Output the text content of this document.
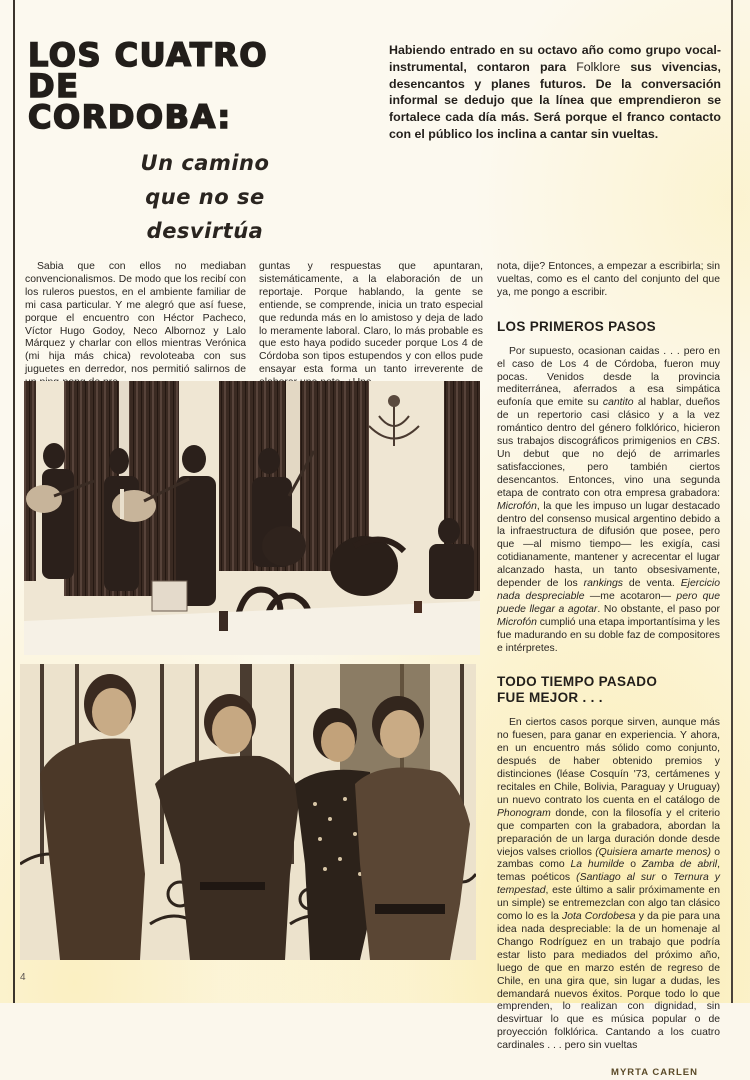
LOS CUATRO
DE
CORDOBA:
Un camino
que no se
desvirtúa

Habiendo entrado en su octavo año como grupo vocal-instrumental, contaron para Folklore sus vivencias, desencantos y planes futuros. De la conversación informal se dedujo que la línea que emprendieron se fortalece cada día más. Será porque el franco contacto con el público los inclina a cantar sin vueltas.

Sabia que con ellos no mediaban convencionalismos. De modo que los recibí con los ruleros puestos, en el ambiente familiar de mi casa particular. Y me alegró que así fuese, porque el encuentro con Héctor Pacheco, Víctor Hugo Godoy, Neco Albornoz y Lalo Márquez y charlar con ellos mientras Verónica (mi hija más chica) revoloteaba con sus juguetes en derredor, nos permitió salirnos de

guntas y respuestas que apuntaran, sistemáticamente, a la elaboración de un reportaje. Porque hablando, la gente se entiende, se comprende, inicia un trato especial que redunda más en lo amistoso y deja de lado lo meramente laboral. Claro, lo más probable es que esto haya podido suceder porque Los 4 de Córdoba son tipos estupendos y con ellos pude ensayar esta forma un tanto irreverente de

nota, dije? Entonces, a empezar a escribirla; sin vueltas, como es el canto del conjunto del que ya, me pongo a escribir.

LOS PRIMEROS PASOS

Por supuesto, ocasionan caidas . . . pero en el caso de Los 4 de Córdoba, fueron muy pocas. Venidos desde la provincia mediterránea, aferrados a esa simpática eufonía que emite su cantito al hablar, dueños de un repertorio casi clásico y a la vez romántico dentro del género folklórico, hicieron sus trabajos discográficos primigenios en CBS. Un debut que no dejó de arrimarles satisfacciones, pero también ciertos desencantos. Entonces, vino una segunda etapa de contrato con otra empresa grabadora: Microfón, la que les impuso un lugar destacado dentro del consenso musical argentino debido a la infraestructura de difusión que posee, pero que —al mismo tiempo— les exigía, casi cotidianamente, mantener y acrecentar el lugar alcanzado hasta, un tanto obsesivamente, depender de los rankings de venta. Ejercicio nada despreciable —me acotaron— pero que puede llegar a agotar. No obstante, el paso por Microfón cumplió una etapa importantísima y les fue madurando en su doble faz de compositores e intérpretes.

TODO TIEMPO PASADO
FUE MEJOR . . .

En ciertos casos porque sirven, aunque más no fuesen, para ganar en experiencia. Y ahora, en un encuentro más sólido como conjunto, después de haber obtenido premios y distinciones (léase Cosquín '73, certámenes y recitales en Chile, Bolivia, Paraguay y Uruguay) un nuevo contrato los cuenta en el catálogo de Phonogram donde, con la filosofía y el criterio que comparten con la grabadora, abordan la preparación de un larga duración donde desde viejos valses criollos (Quisiera amarte menos) o zambas como La humilde o Zamba de abril, temas poéticos (Santiago al sur o Ternura y tempestad, este último a salir próximamente en un simple) se entremezclan con algo tan clásico como lo es la Jota Cordobesa y da pie para una idea nada despreciable: la de un homenaje al Chango Rodríguez en un trabajo que podría estar listo para mediados del próximo año, luego de que en marzo estén de regreso de Chile, en una gira que, sin lugar a dudas, les demandará nuevos éxitos. Porque todo lo que emprenden, lo realizan con dignidad, sin desvirtuar lo que es música popular o de proyección folklórica. Cantando a los cuatro cardinales . . . pero sin vueltas

MYRTA CARLEN

4
